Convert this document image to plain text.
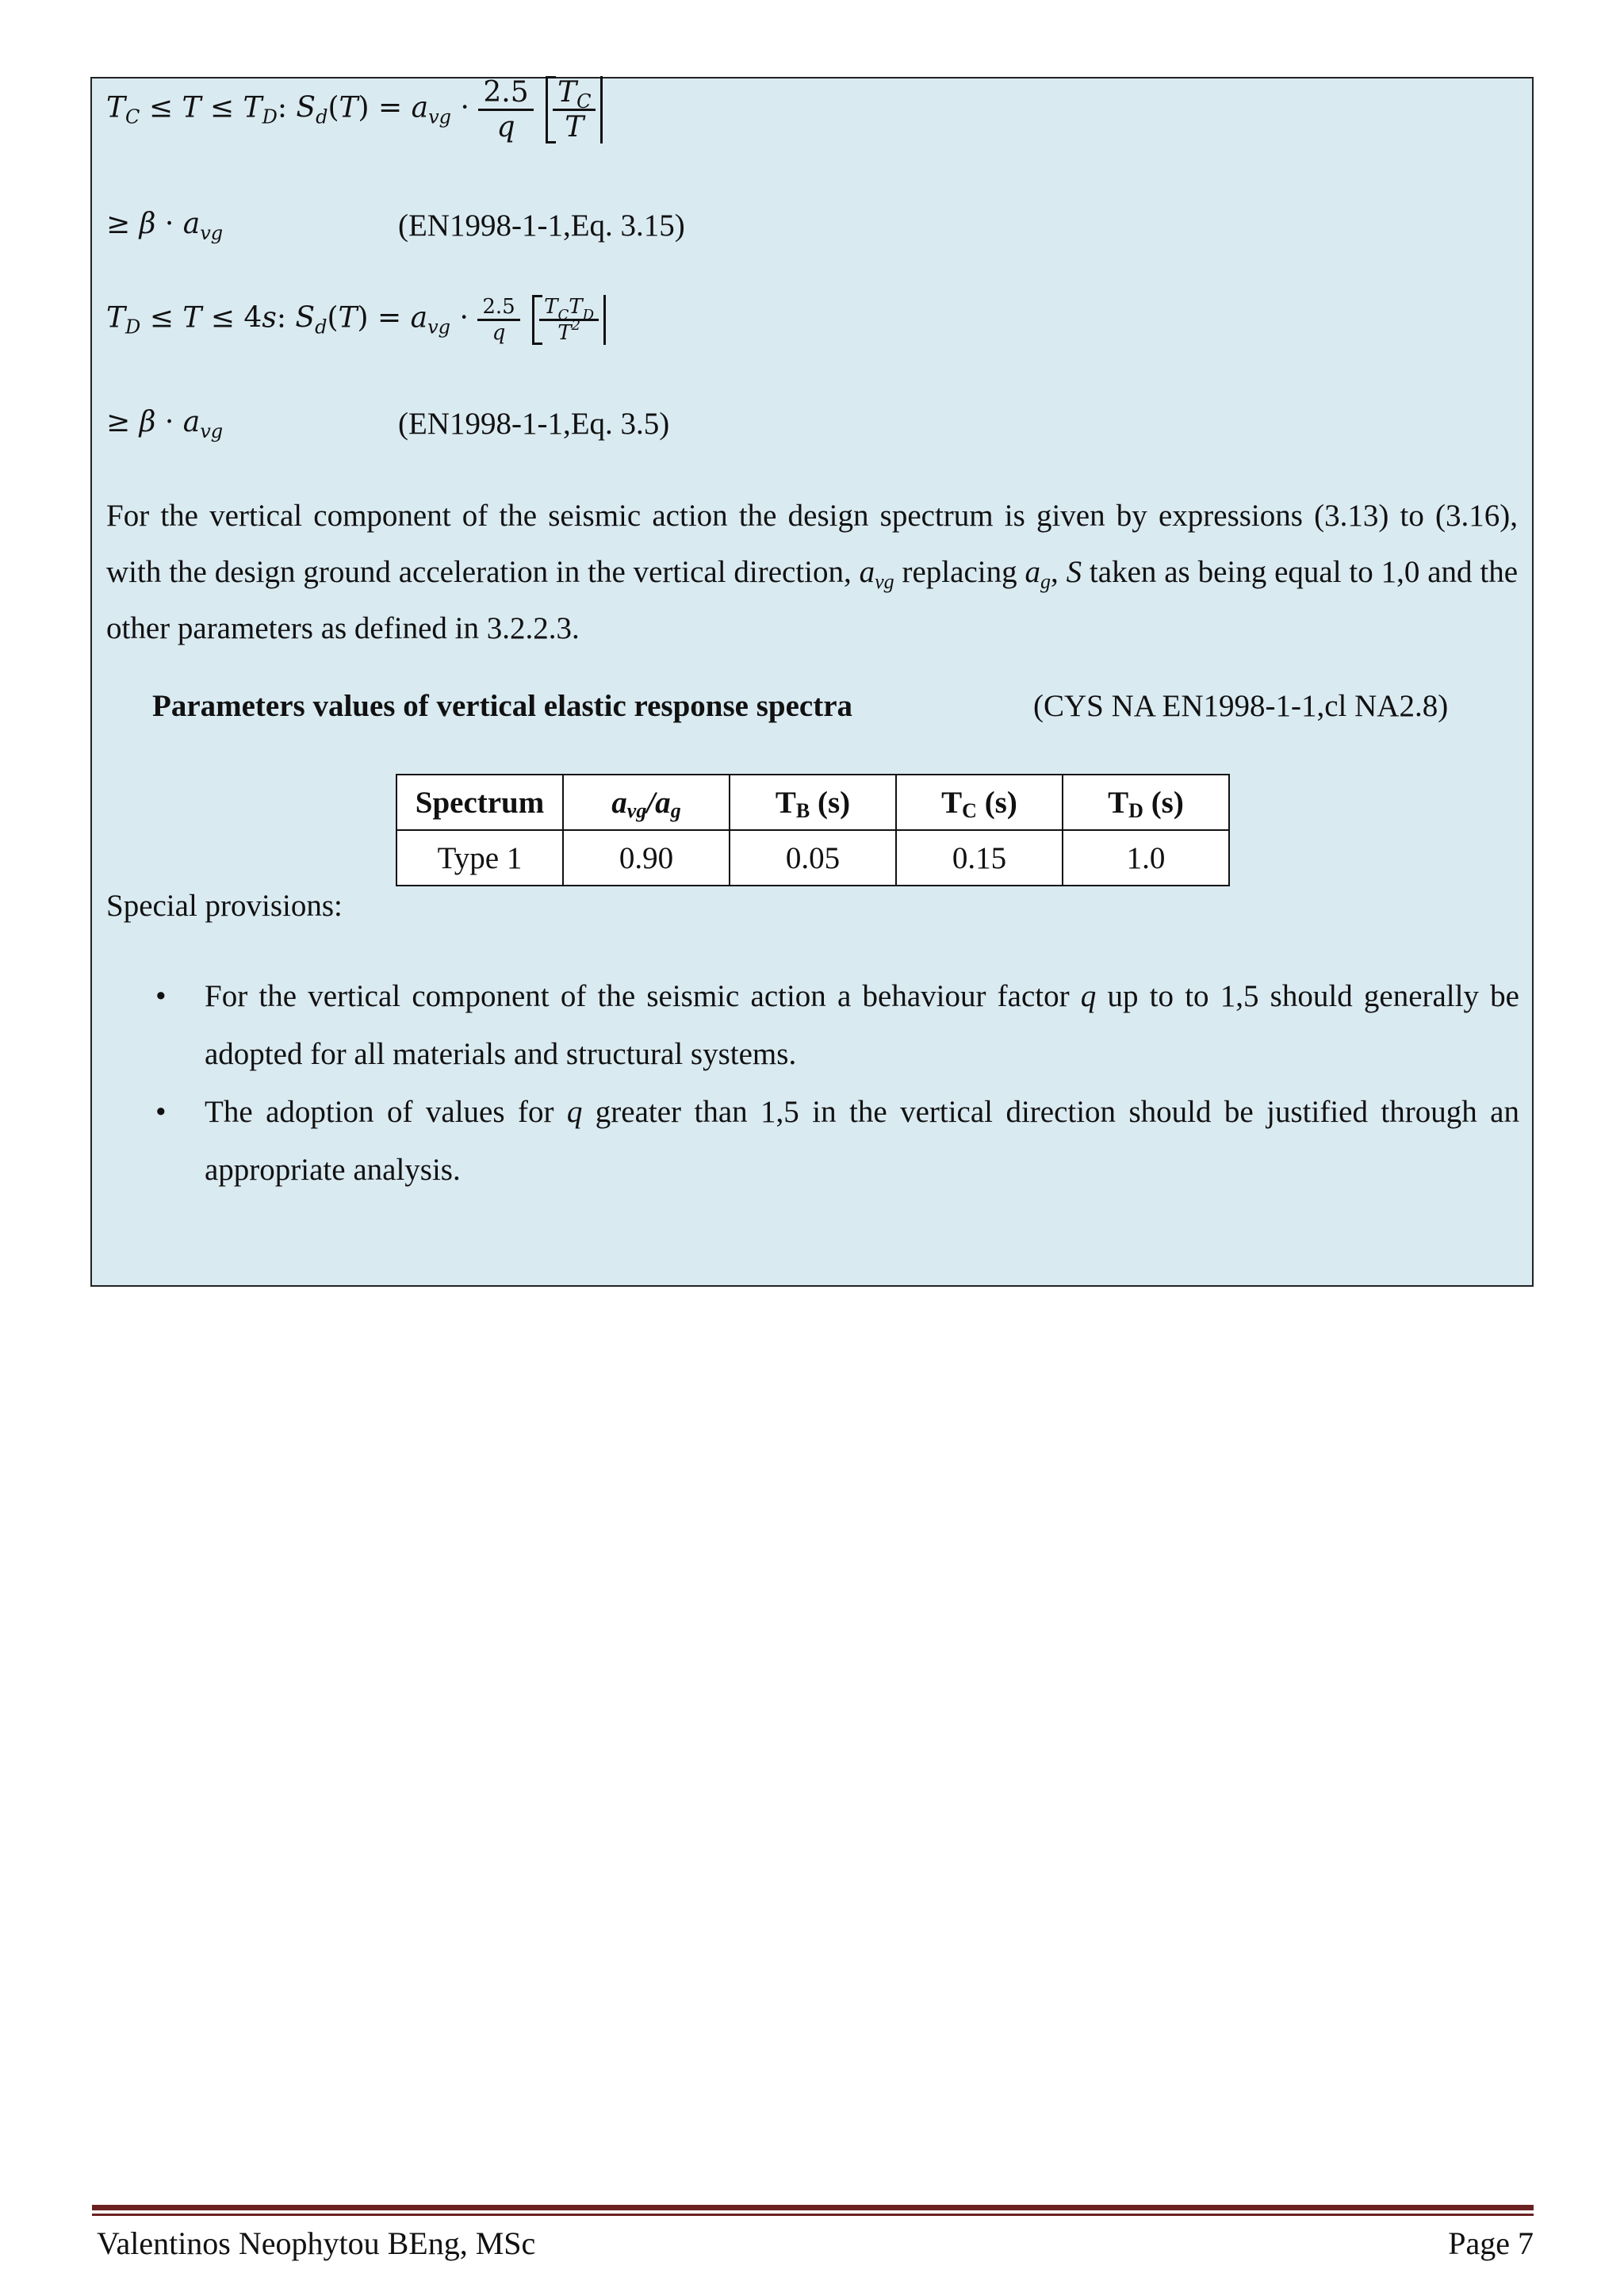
$T_C \le T \le T_D$: $S_d(T) = a_{vg} \cdot \frac{2.5}{q}$
$\frac{T_C}{T}$
≥ $\beta \cdot a_{vg}$	(EN1998-1-1,Eq. 3.15)
$T_D \le T \le 4s$: $S_d(T) = a_{vg} \cdot \frac{2.5}{q}$
$\frac{T_CT_D}{T^2}$
≥ $\beta \cdot a_{vg}$	(EN1998-1-1,Eq. 3.5)
For the vertical component of the seismic action the design spectrum is given by expressions (3.13) to (3.16), with the design ground acceleration in the vertical direction, $a_{vg}$ replacing $a_g$, S taken as being equal to 1,0 and the other parameters as defined in 3.2.2.3.
Parameters values of vertical elastic response spectra	(CYS NA EN1998-1-1,cl NA2.8)
Spectrum	$a_{vg}/a_g$	$T_B$ (s)	$T_C$ (s)	$T_D$ (s)
Type 1	0.90	0.05	0.15	1.0
Special provisions:
• For the vertical component of the seismic action a behaviour factor q up to to 1,5 should generally be adopted for all materials and structural systems.
• The adoption of values for q greater than 1,5 in the vertical direction should be justified through an appropriate analysis.
Valentinos Neophytou BEng, MSc	Page 7
